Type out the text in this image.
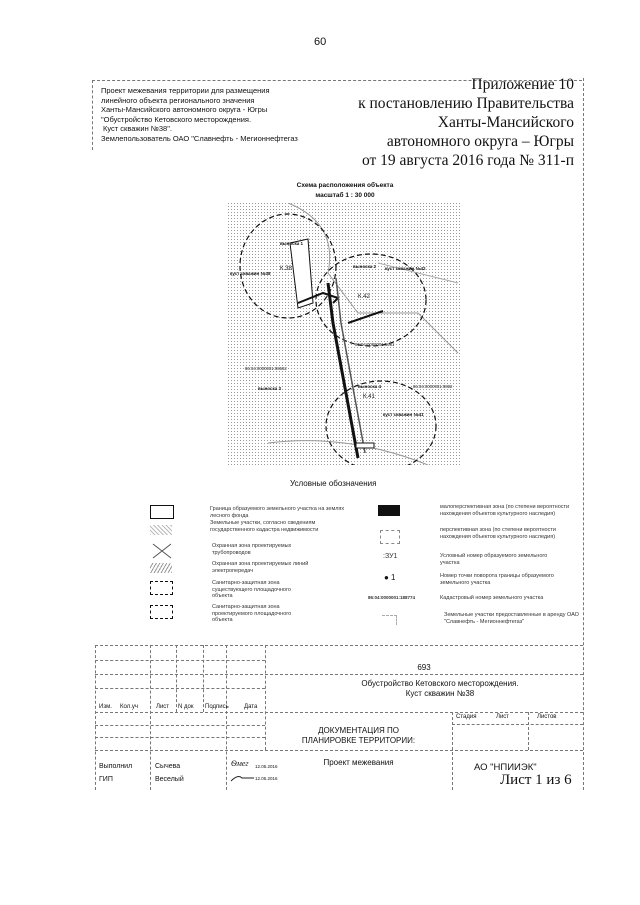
60
Проект межевания территории для размещения
линейного объекта регионального значения
Ханты-Мансийского автономного округа - Югры
"Обустройство Кетовского месторождения.
Куст скважин №38".
Землепользователь ОАО "Славнефть - Мегионнефтегаз
Приложение 10
к постановлению Правительства
Ханты-Мансийского
автономного округа – Югры
от 19 августа 2016 года № 311-п
Схема расположения объекта
масштаб 1 : 30 000
выноска 1
выноска 2
выноска 3	выноска 4
куст скважин №38
куст скважин №42
куст скважин №41
К.38
К.42
К.41
86:04:0000001:5981
86:04:0000001:98692
86:04:0000001:9892
Условные обозначения
Граница образуемого земельного участка на землях лесного фонда
Земельные участки, согласно сведениям государственного кадастра недвижимости
Охранная зона проектируемых трубопроводов
Охранная зона проектируемых линий электропередач
Санитарно-защитная зона существующего площадочного объекта
Санитарно-защитная зона проектируемого площадочного объекта
:ЗУ1
● 1
86:04:0000001:188774
малоперспективная зона (по степени вероятности нахождения объектов культурного наследия)
перспективная зона (по степени вероятности нахождения объектов культурного наследия)
Условный номер образуемого земельного участка
Номер точки поворота границы образуемого земельного участка
Кадастровый номер земельного участка
Земельные участки предоставленные в аренду ОАО "Славнефть - Мегионнефтегаз"
693
Обустройство Кетовского месторождения.
Куст скважин №38
Изм. Кол.уч	Лист N док Подпись	Дата
ДОКУМЕНТАЦИЯ ПО
ПЛАНИРОВКЕ ТЕРРИТОРИИ:
Проект межевания
Стадия	Лист	Листов
Выполнил	Сычева	Ѳмег 12.05.2016
ГИП	Веселый	12.05.2016
АО "НПИИЭК"
Лист 1 из 6
